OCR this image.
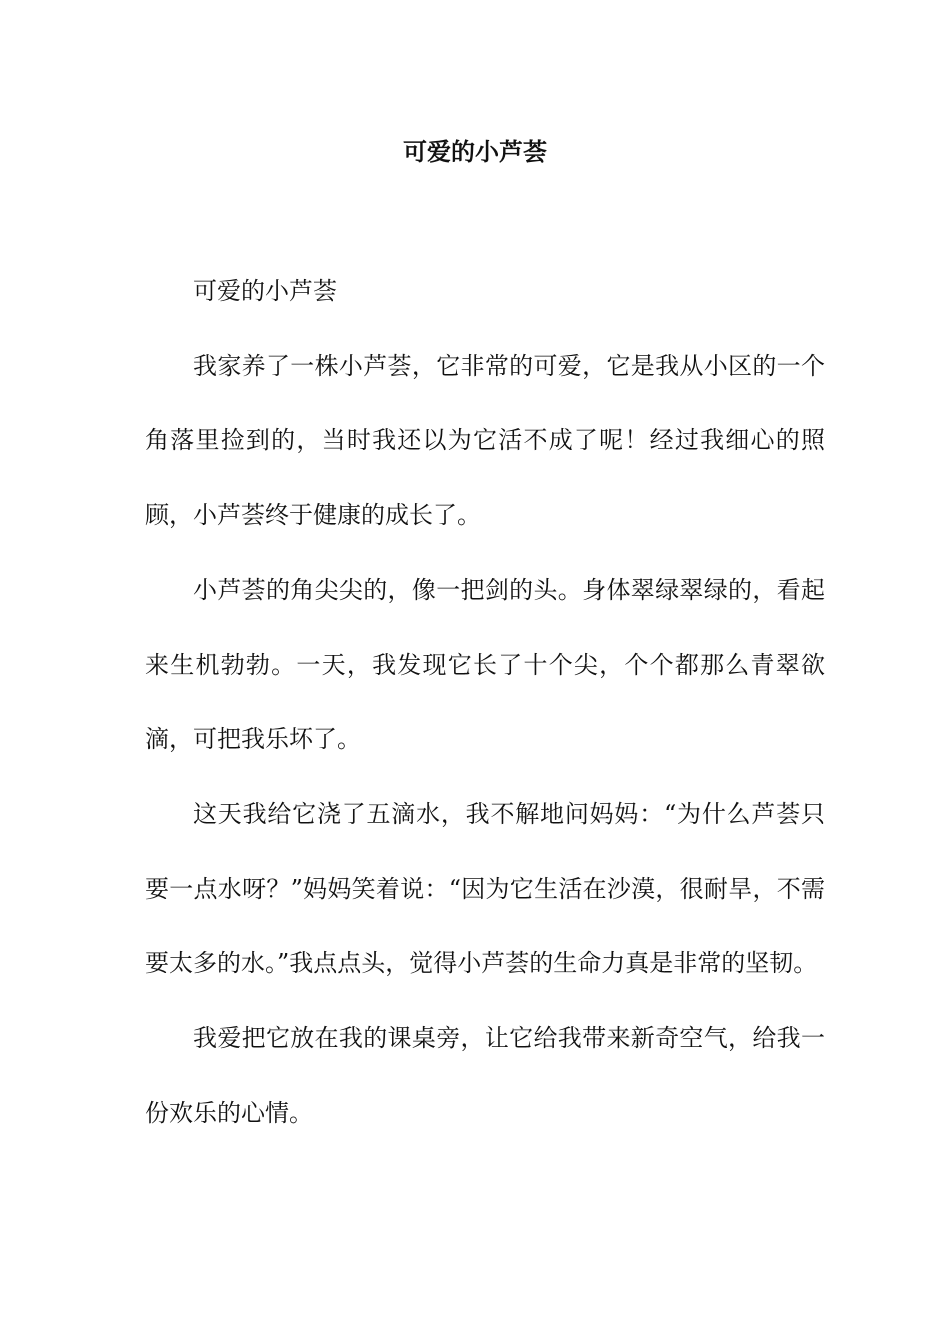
可爱的小芦荟

可爱的小芦荟

我家养了一株小芦荟，它非常的可爱，它是我从小区的一个角落里捡到的，当时我还以为它活不成了呢！经过我细心的照顾，小芦荟终于健康的成长了。

小芦荟的角尖尖的，像一把剑的头。身体翠绿翠绿的，看起来生机勃勃。一天，我发现它长了十个尖，个个都那么青翠欲滴，可把我乐坏了。

这天我给它浇了五滴水，我不解地问妈妈：“为什么芦荟只要一点水呀？”妈妈笑着说：“因为它生活在沙漠，很耐旱，不需要太多的水。”我点点头，觉得小芦荟的生命力真是非常的坚韧。

我爱把它放在我的课桌旁，让它给我带来新奇空气，给我一份欢乐的心情。
